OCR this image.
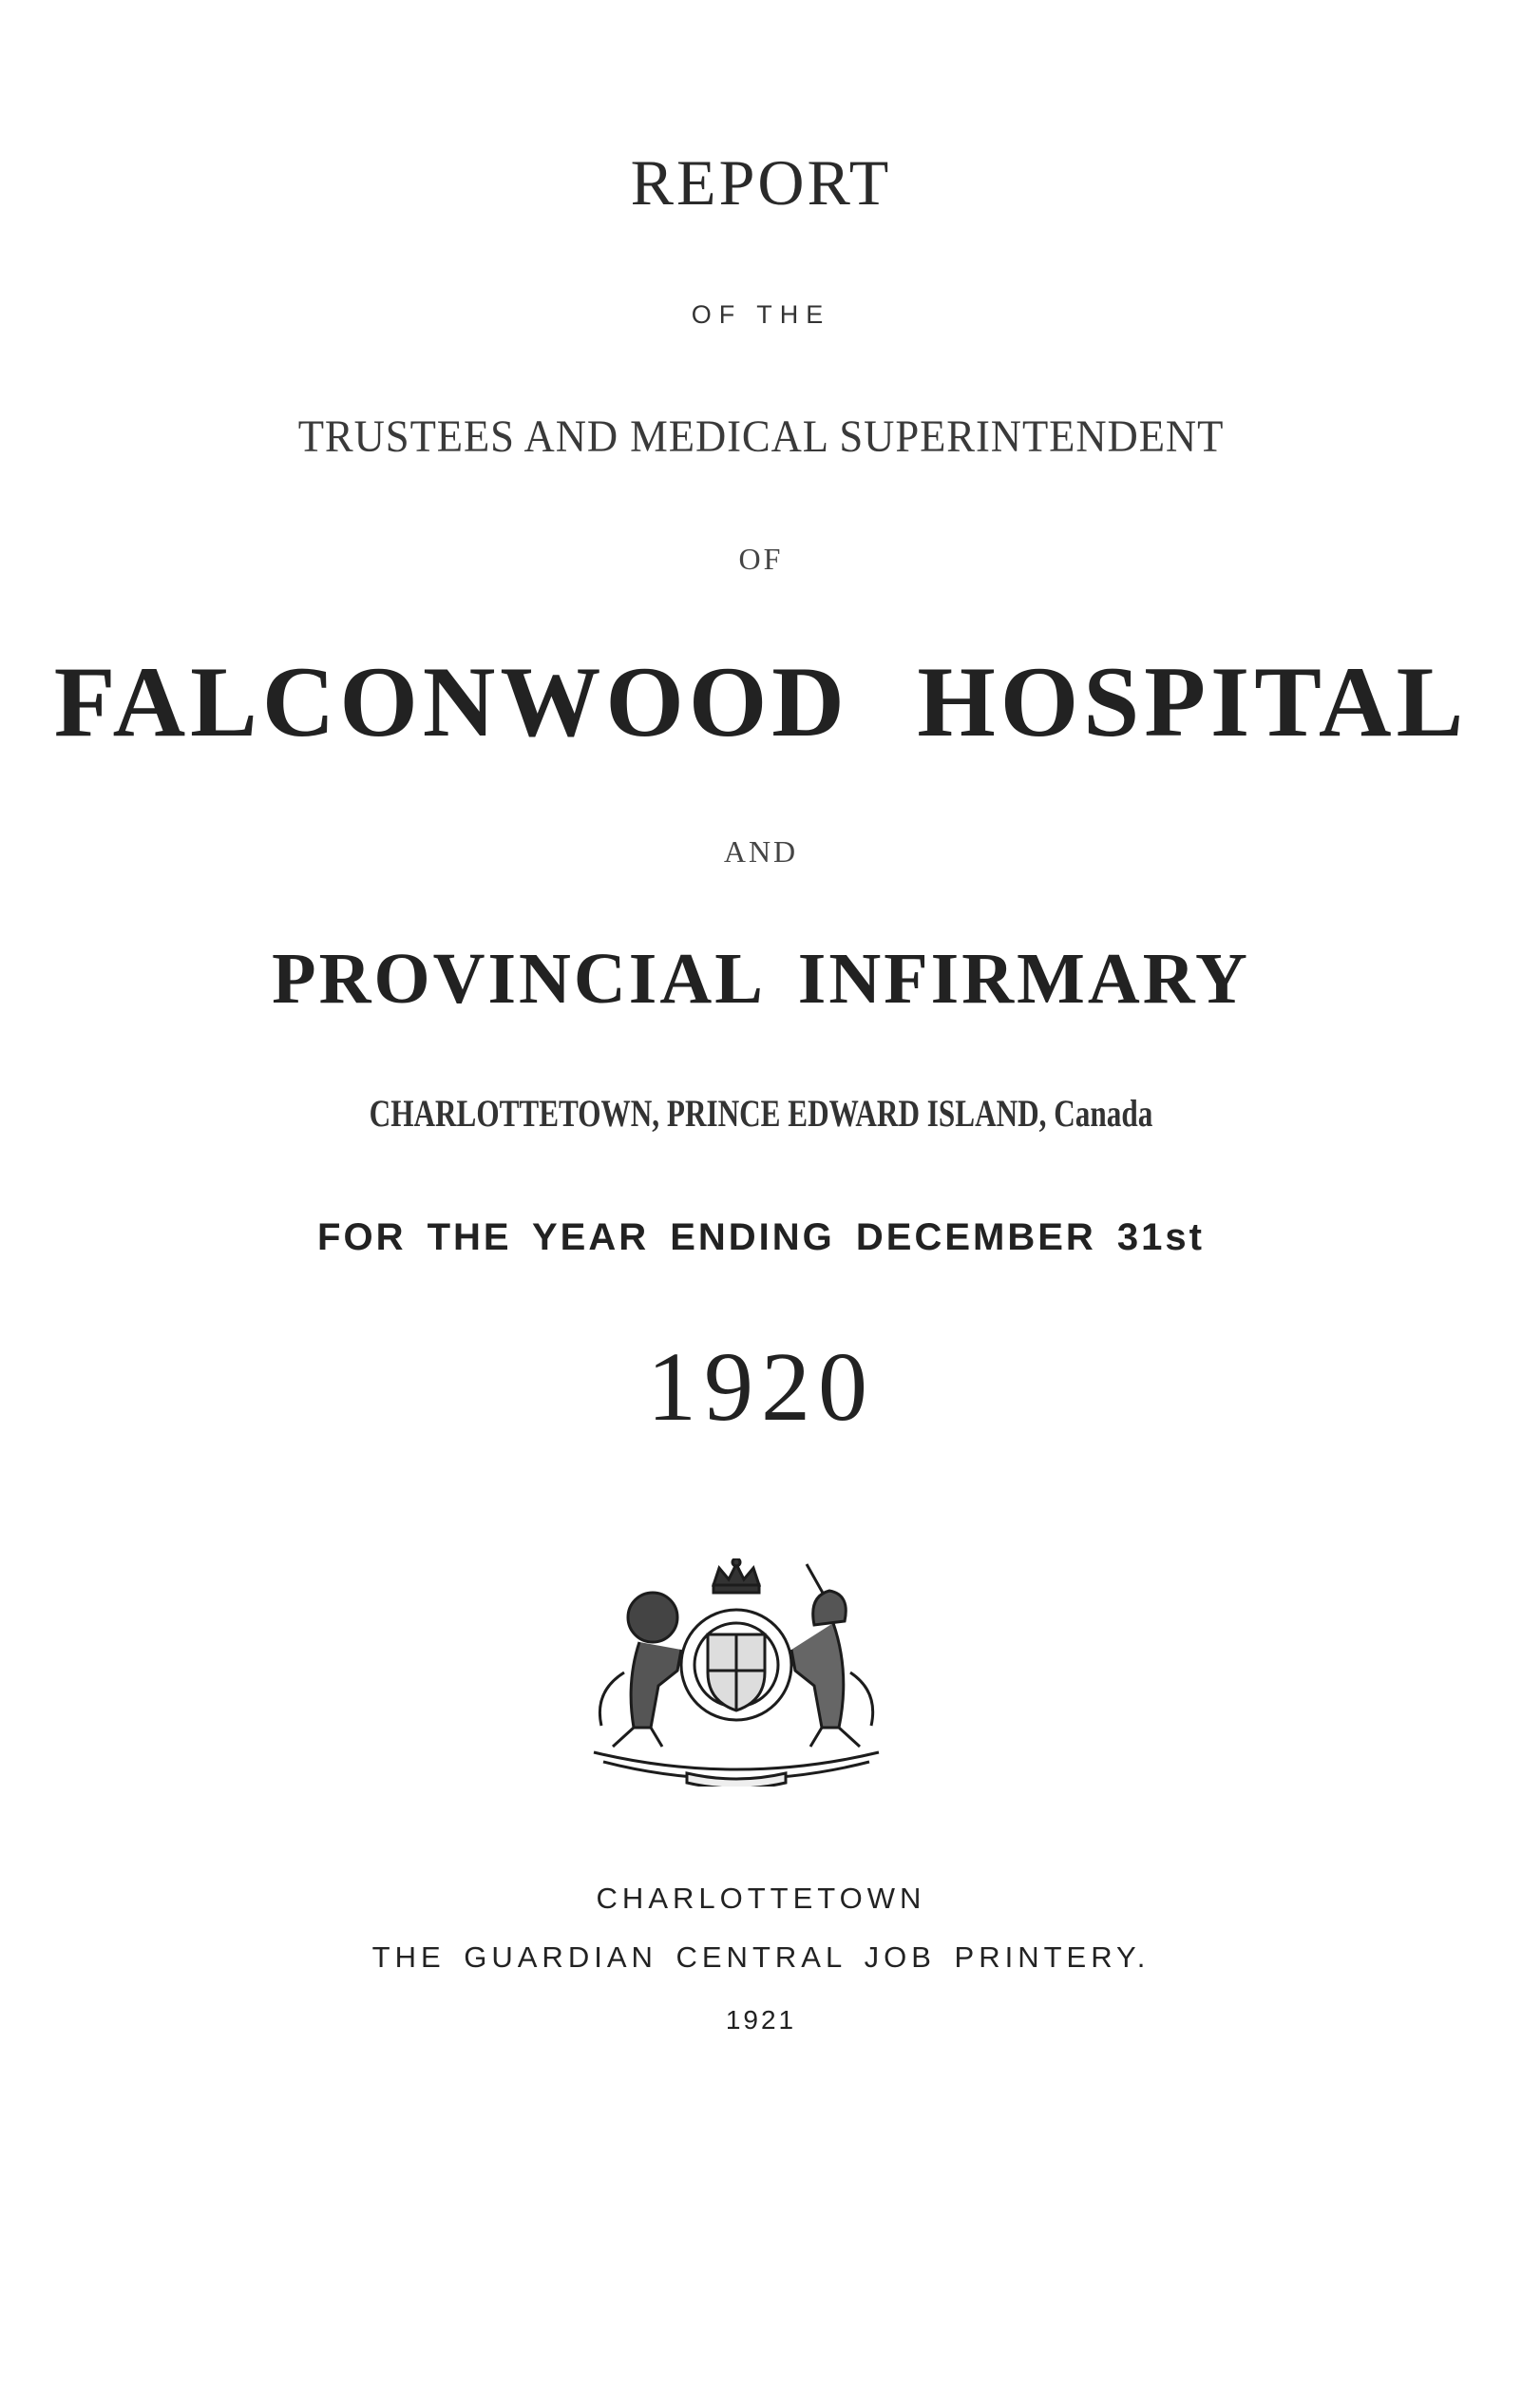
REPORT

OF THE

TRUSTEES AND MEDICAL SUPERINTENDENT

OF

FALCONWOOD HOSPITAL

AND

PROVINCIAL INFIRMARY

CHARLOTTETOWN, PRINCE EDWARD ISLAND, Canada

FOR THE YEAR ENDING DECEMBER 31st

1920

CHARLOTTETOWN

THE GUARDIAN CENTRAL JOB PRINTERY.

1921
